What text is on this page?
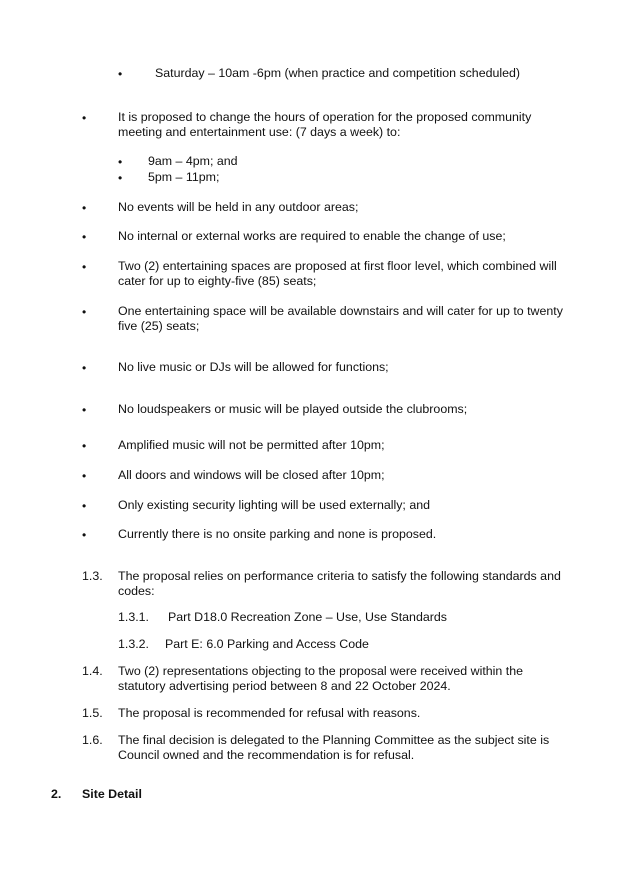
•	Saturday – 10am -6pm (when practice and competition scheduled)
•	It is proposed to change the hours of operation for the proposed community meeting and entertainment use: (7 days a week) to:
• 9am – 4pm; and
• 5pm – 11pm;
•	No events will be held in any outdoor areas;
•	No internal or external works are required to enable the change of use;
•	Two (2) entertaining spaces are proposed at first floor level, which combined will cater for up to eighty-five (85) seats;
•	One entertaining space will be available downstairs and will cater for up to twenty five (25) seats;
•	No live music or DJs will be allowed for functions;
•	No loudspeakers or music will be played outside the clubrooms;
•	Amplified music will not be permitted after 10pm;
•	All doors and windows will be closed after 10pm;
•	Only existing security lighting will be used externally; and
•	Currently there is no onsite parking and none is proposed.
1.3. The proposal relies on performance criteria to satisfy the following standards and codes:
1.3.1. Part D18.0 Recreation Zone – Use, Use Standards
1.3.2. Part E: 6.0 Parking and Access Code
1.4. Two (2) representations objecting to the proposal were received within the statutory advertising period between 8 and 22 October 2024.
1.5. The proposal is recommended for refusal with reasons.
1.6. The final decision is delegated to the Planning Committee as the subject site is Council owned and the recommendation is for refusal.
2. Site Detail
